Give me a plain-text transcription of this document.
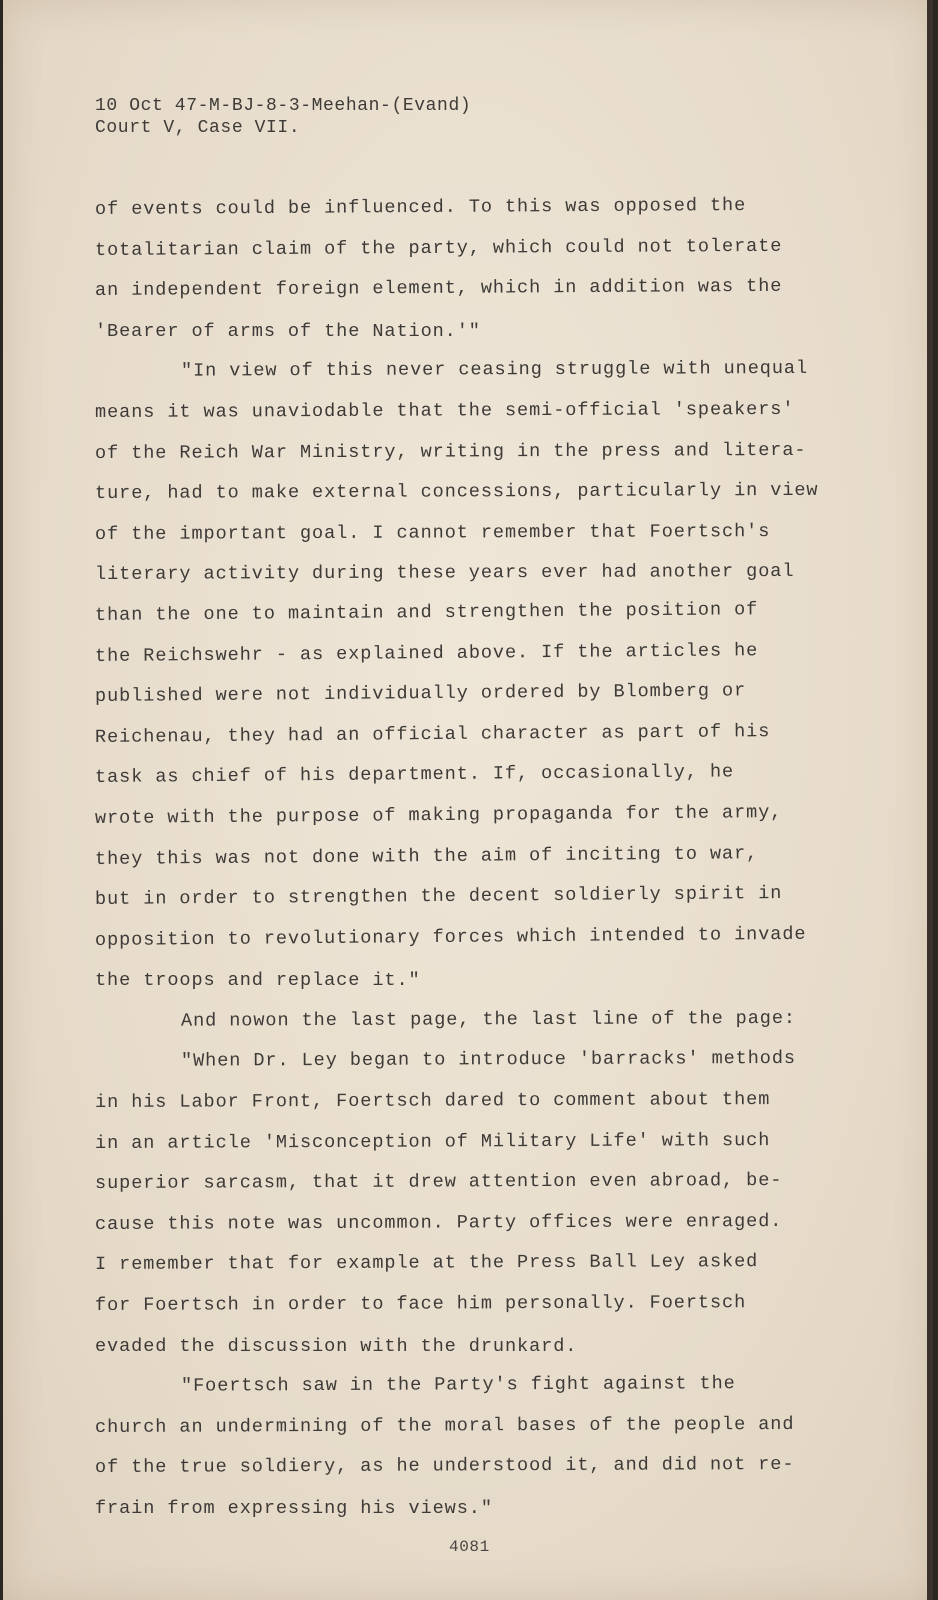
10 Oct 47-M-BJ-8-3-Meehan-(Evand)
Court V, Case VII.
of events could be influenced. To this was opposed the
totalitarian claim of the party, which could not tolerate
an independent foreign element, which in addition was the
'Bearer of arms of the Nation.'"
"In view of this never ceasing struggle with unequal
means it was unaviodable that the semi-official 'speakers'
of the Reich War Ministry, writing in the press and litera-
ture, had to make external concessions, particularly in view
of the important goal. I cannot remember that Foertsch's
literary activity during these years ever had another goal
than the one to maintain and strengthen the position of
the Reichswehr - as explained above. If the articles he
published were not individually ordered by Blomberg or
Reichenau, they had an official character as part of his
task as chief of his department. If, occasionally, he
wrote with the purpose of making propaganda for the army,
they this was not done with the aim of inciting to war,
but in order to strengthen the decent soldierly spirit in
opposition to revolutionary forces which intended to invade
the troops and replace it."
And nowon the last page, the last line of the page:
"When Dr. Ley began to introduce 'barracks' methods
in his Labor Front, Foertsch dared to comment about them
in an article 'Misconception of Military Life' with such
superior sarcasm, that it drew attention even abroad, be-
cause this note was uncommon. Party offices were enraged.
I remember that for example at the Press Ball Ley asked
for Foertsch in order to face him personally. Foertsch
evaded the discussion with the drunkard.
"Foertsch saw in the Party's fight against the
church an undermining of the moral bases of the people and
of the true soldiery, as he understood it, and did not re-
frain from expressing his views."
4081
